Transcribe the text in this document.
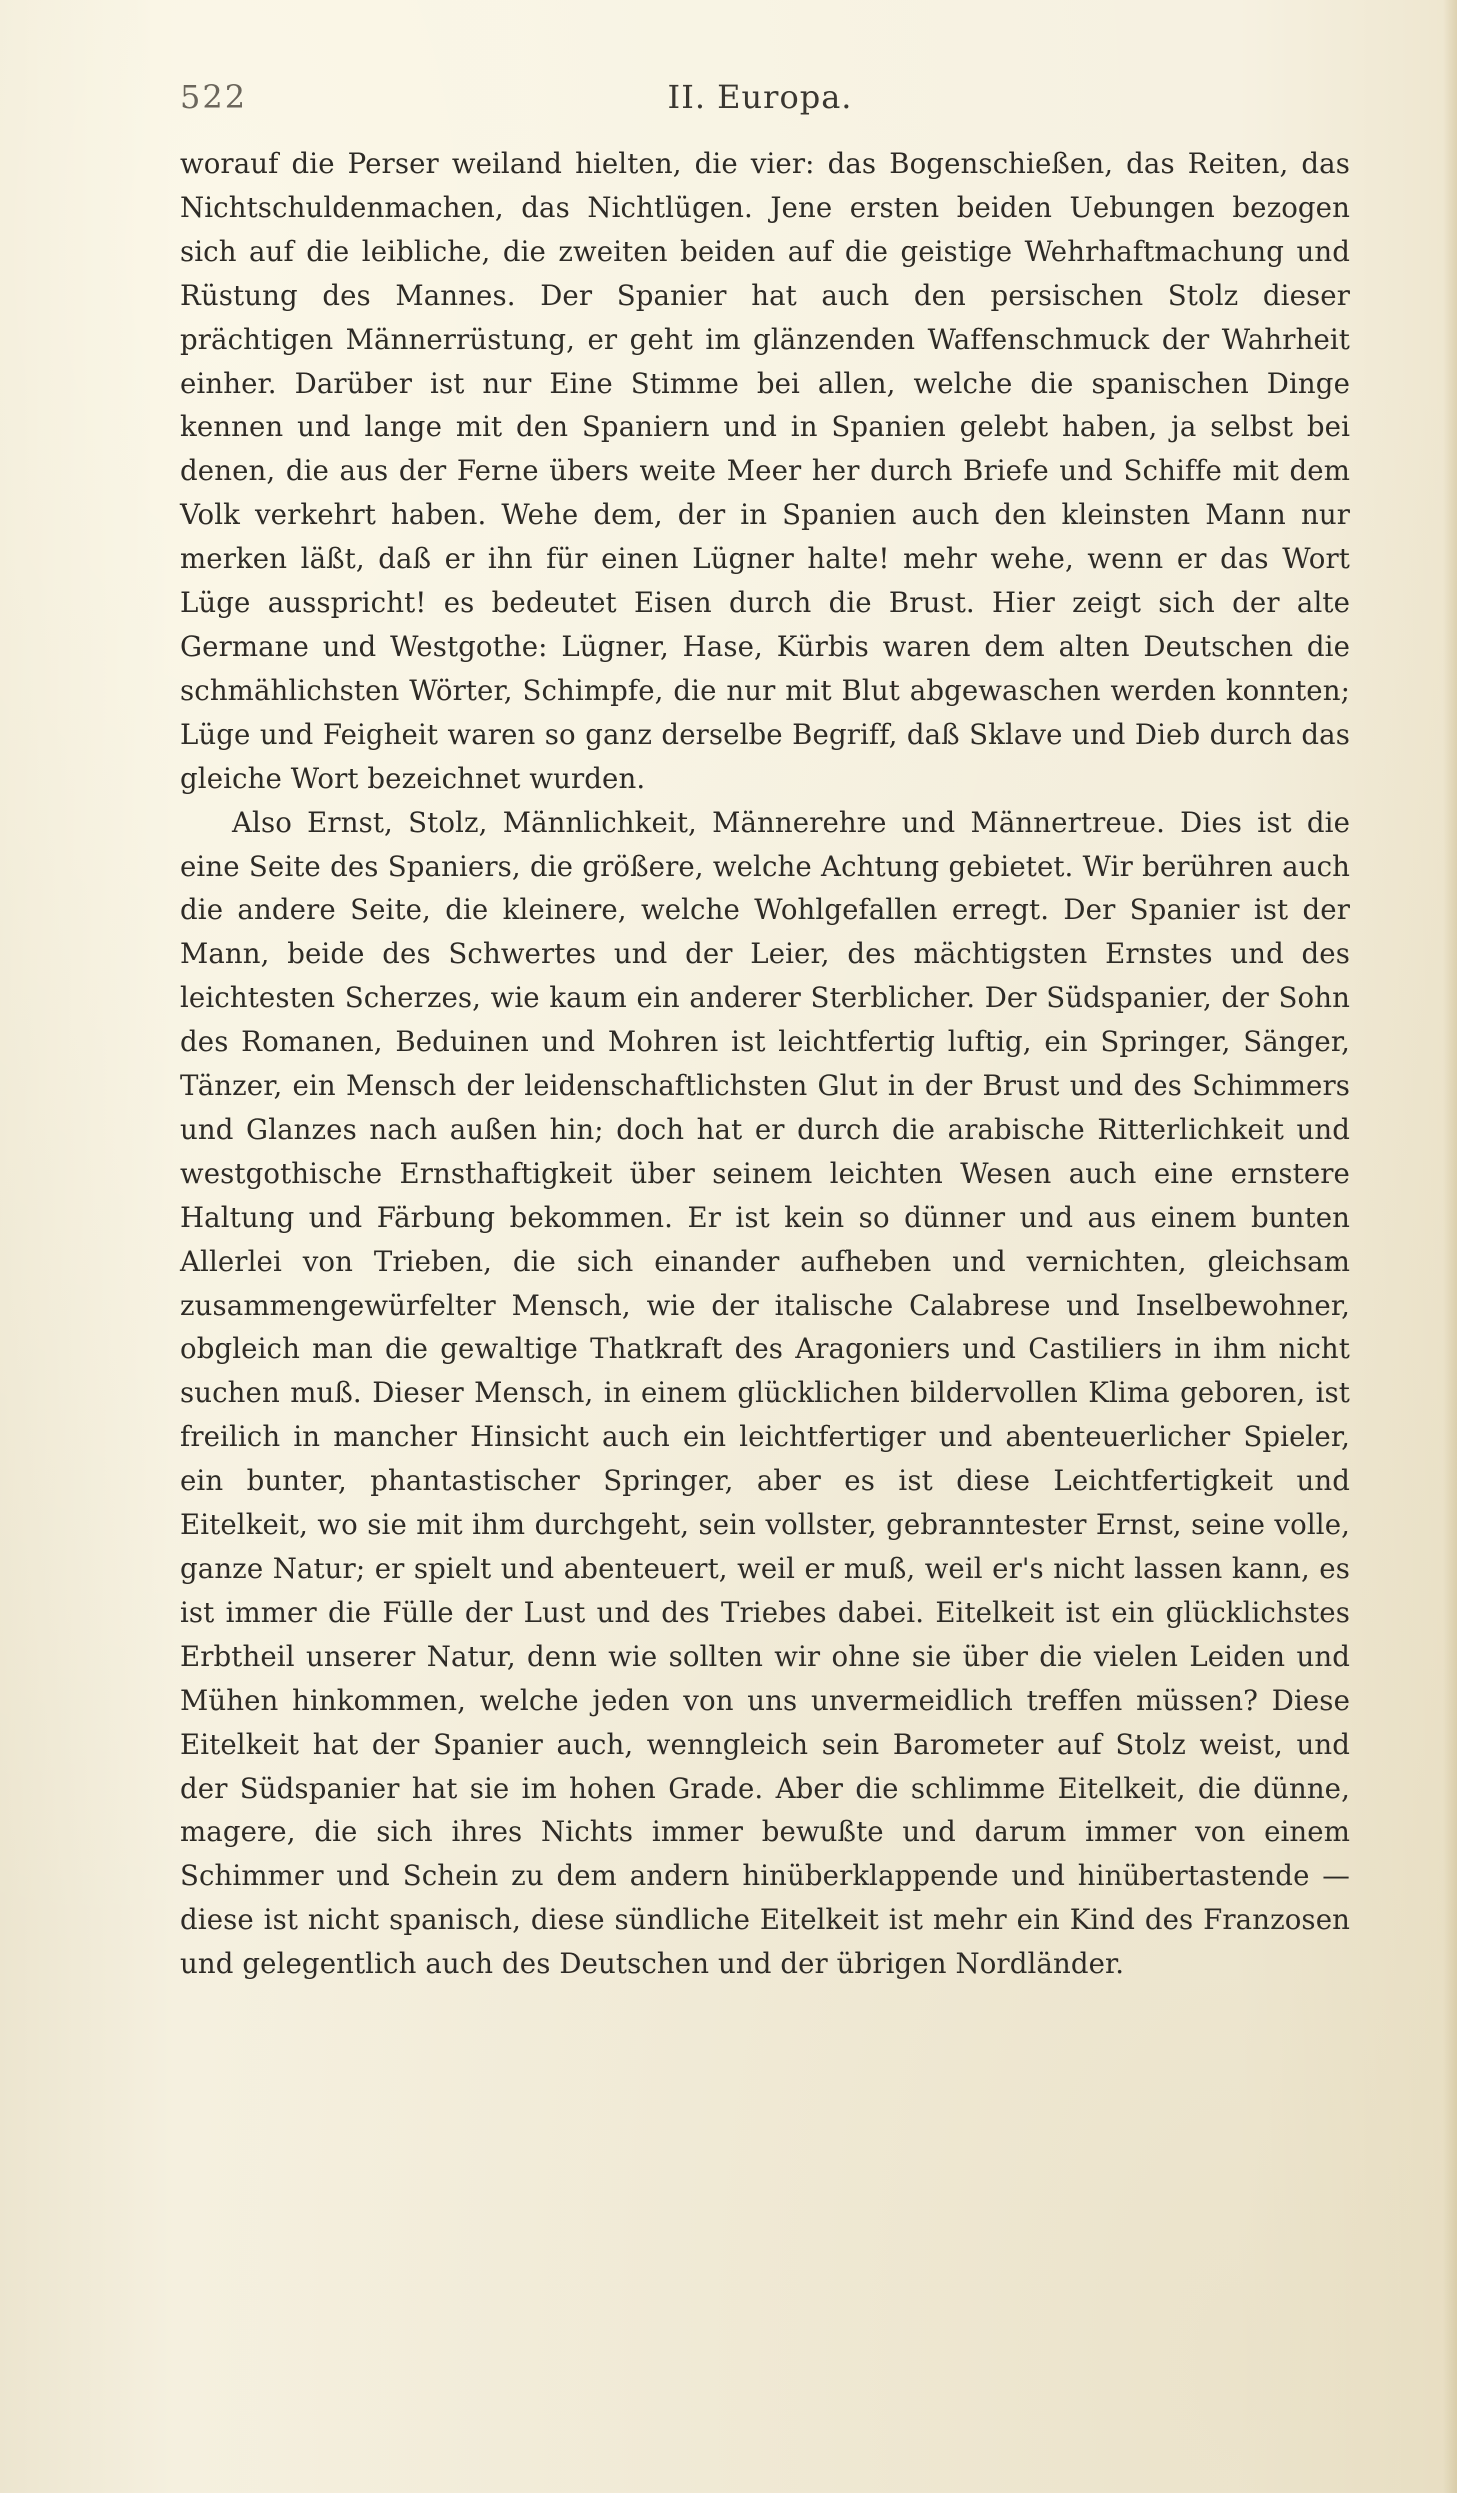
522	II. Europa.

worauf die Perser weiland hielten, die vier: das Bogenschießen, das Reiten, das Nichtschuldenmachen, das Nichtlügen. Jene ersten beiden Uebungen bezogen sich auf die leibliche, die zweiten beiden auf die geistige Wehrhaftmachung und Rüstung des Mannes. Der Spanier hat auch den persischen Stolz dieser prächtigen Männerrüstung, er geht im glänzenden Waffenschmuck der Wahrheit einher. Darüber ist nur Eine Stimme bei allen, welche die spanischen Dinge kennen und lange mit den Spaniern und in Spanien gelebt haben, ja selbst bei denen, die aus der Ferne übers weite Meer her durch Briefe und Schiffe mit dem Volk verkehrt haben. Wehe dem, der in Spanien auch den kleinsten Mann nur merken läßt, daß er ihn für einen Lügner halte! mehr wehe, wenn er das Wort Lüge ausspricht! es bedeutet Eisen durch die Brust. Hier zeigt sich der alte Germane und Westgothe: Lügner, Hase, Kürbis waren dem alten Deutschen die schmählichsten Wörter, Schimpfe, die nur mit Blut abgewaschen werden konnten; Lüge und Feigheit waren so ganz derselbe Begriff, daß Sklave und Dieb durch das gleiche Wort bezeichnet wurden.

Also Ernst, Stolz, Männlichkeit, Männerehre und Männertreue. Dies ist die eine Seite des Spaniers, die größere, welche Achtung gebietet. Wir berühren auch die andere Seite, die kleinere, welche Wohlgefallen erregt. Der Spanier ist der Mann, beide des Schwertes und der Leier, des mächtigsten Ernstes und des leichtesten Scherzes, wie kaum ein anderer Sterblicher. Der Südspanier, der Sohn des Romanen, Beduinen und Mohren ist leichtfertig luftig, ein Springer, Sänger, Tänzer, ein Mensch der leidenschaftlichsten Glut in der Brust und des Schimmers und Glanzes nach außen hin; doch hat er durch die arabische Ritterlichkeit und westgothische Ernsthaftigkeit über seinem leichten Wesen auch eine ernstere Haltung und Färbung bekommen. Er ist kein so dünner und aus einem bunten Allerlei von Trieben, die sich einander aufheben und vernichten, gleichsam zusammengewürfelter Mensch, wie der italische Calabrese und Inselbewohner, obgleich man die gewaltige Thatkraft des Aragoniers und Castiliers in ihm nicht suchen muß. Dieser Mensch, in einem glücklichen bildervollen Klima geboren, ist freilich in mancher Hinsicht auch ein leichtfertiger und abenteuerlicher Spieler, ein bunter, phantastischer Springer, aber es ist diese Leichtfertigkeit und Eitelkeit, wo sie mit ihm durchgeht, sein vollster, gebranntester Ernst, seine volle, ganze Natur; er spielt und abenteuert, weil er muß, weil er's nicht lassen kann, es ist immer die Fülle der Lust und des Triebes dabei. Eitelkeit ist ein glücklichstes Erbtheil unserer Natur, denn wie sollten wir ohne sie über die vielen Leiden und Mühen hinkommen, welche jeden von uns unvermeidlich treffen müssen? Diese Eitelkeit hat der Spanier auch, wenngleich sein Barometer auf Stolz weist, und der Südspanier hat sie im hohen Grade. Aber die schlimme Eitelkeit, die dünne, magere, die sich ihres Nichts immer bewußte und darum immer von einem Schimmer und Schein zu dem andern hinüberklappende und hinübertastende — diese ist nicht spanisch, diese sündliche Eitelkeit ist mehr ein Kind des Franzosen und gelegentlich auch des Deutschen und der übrigen Nordländer.
